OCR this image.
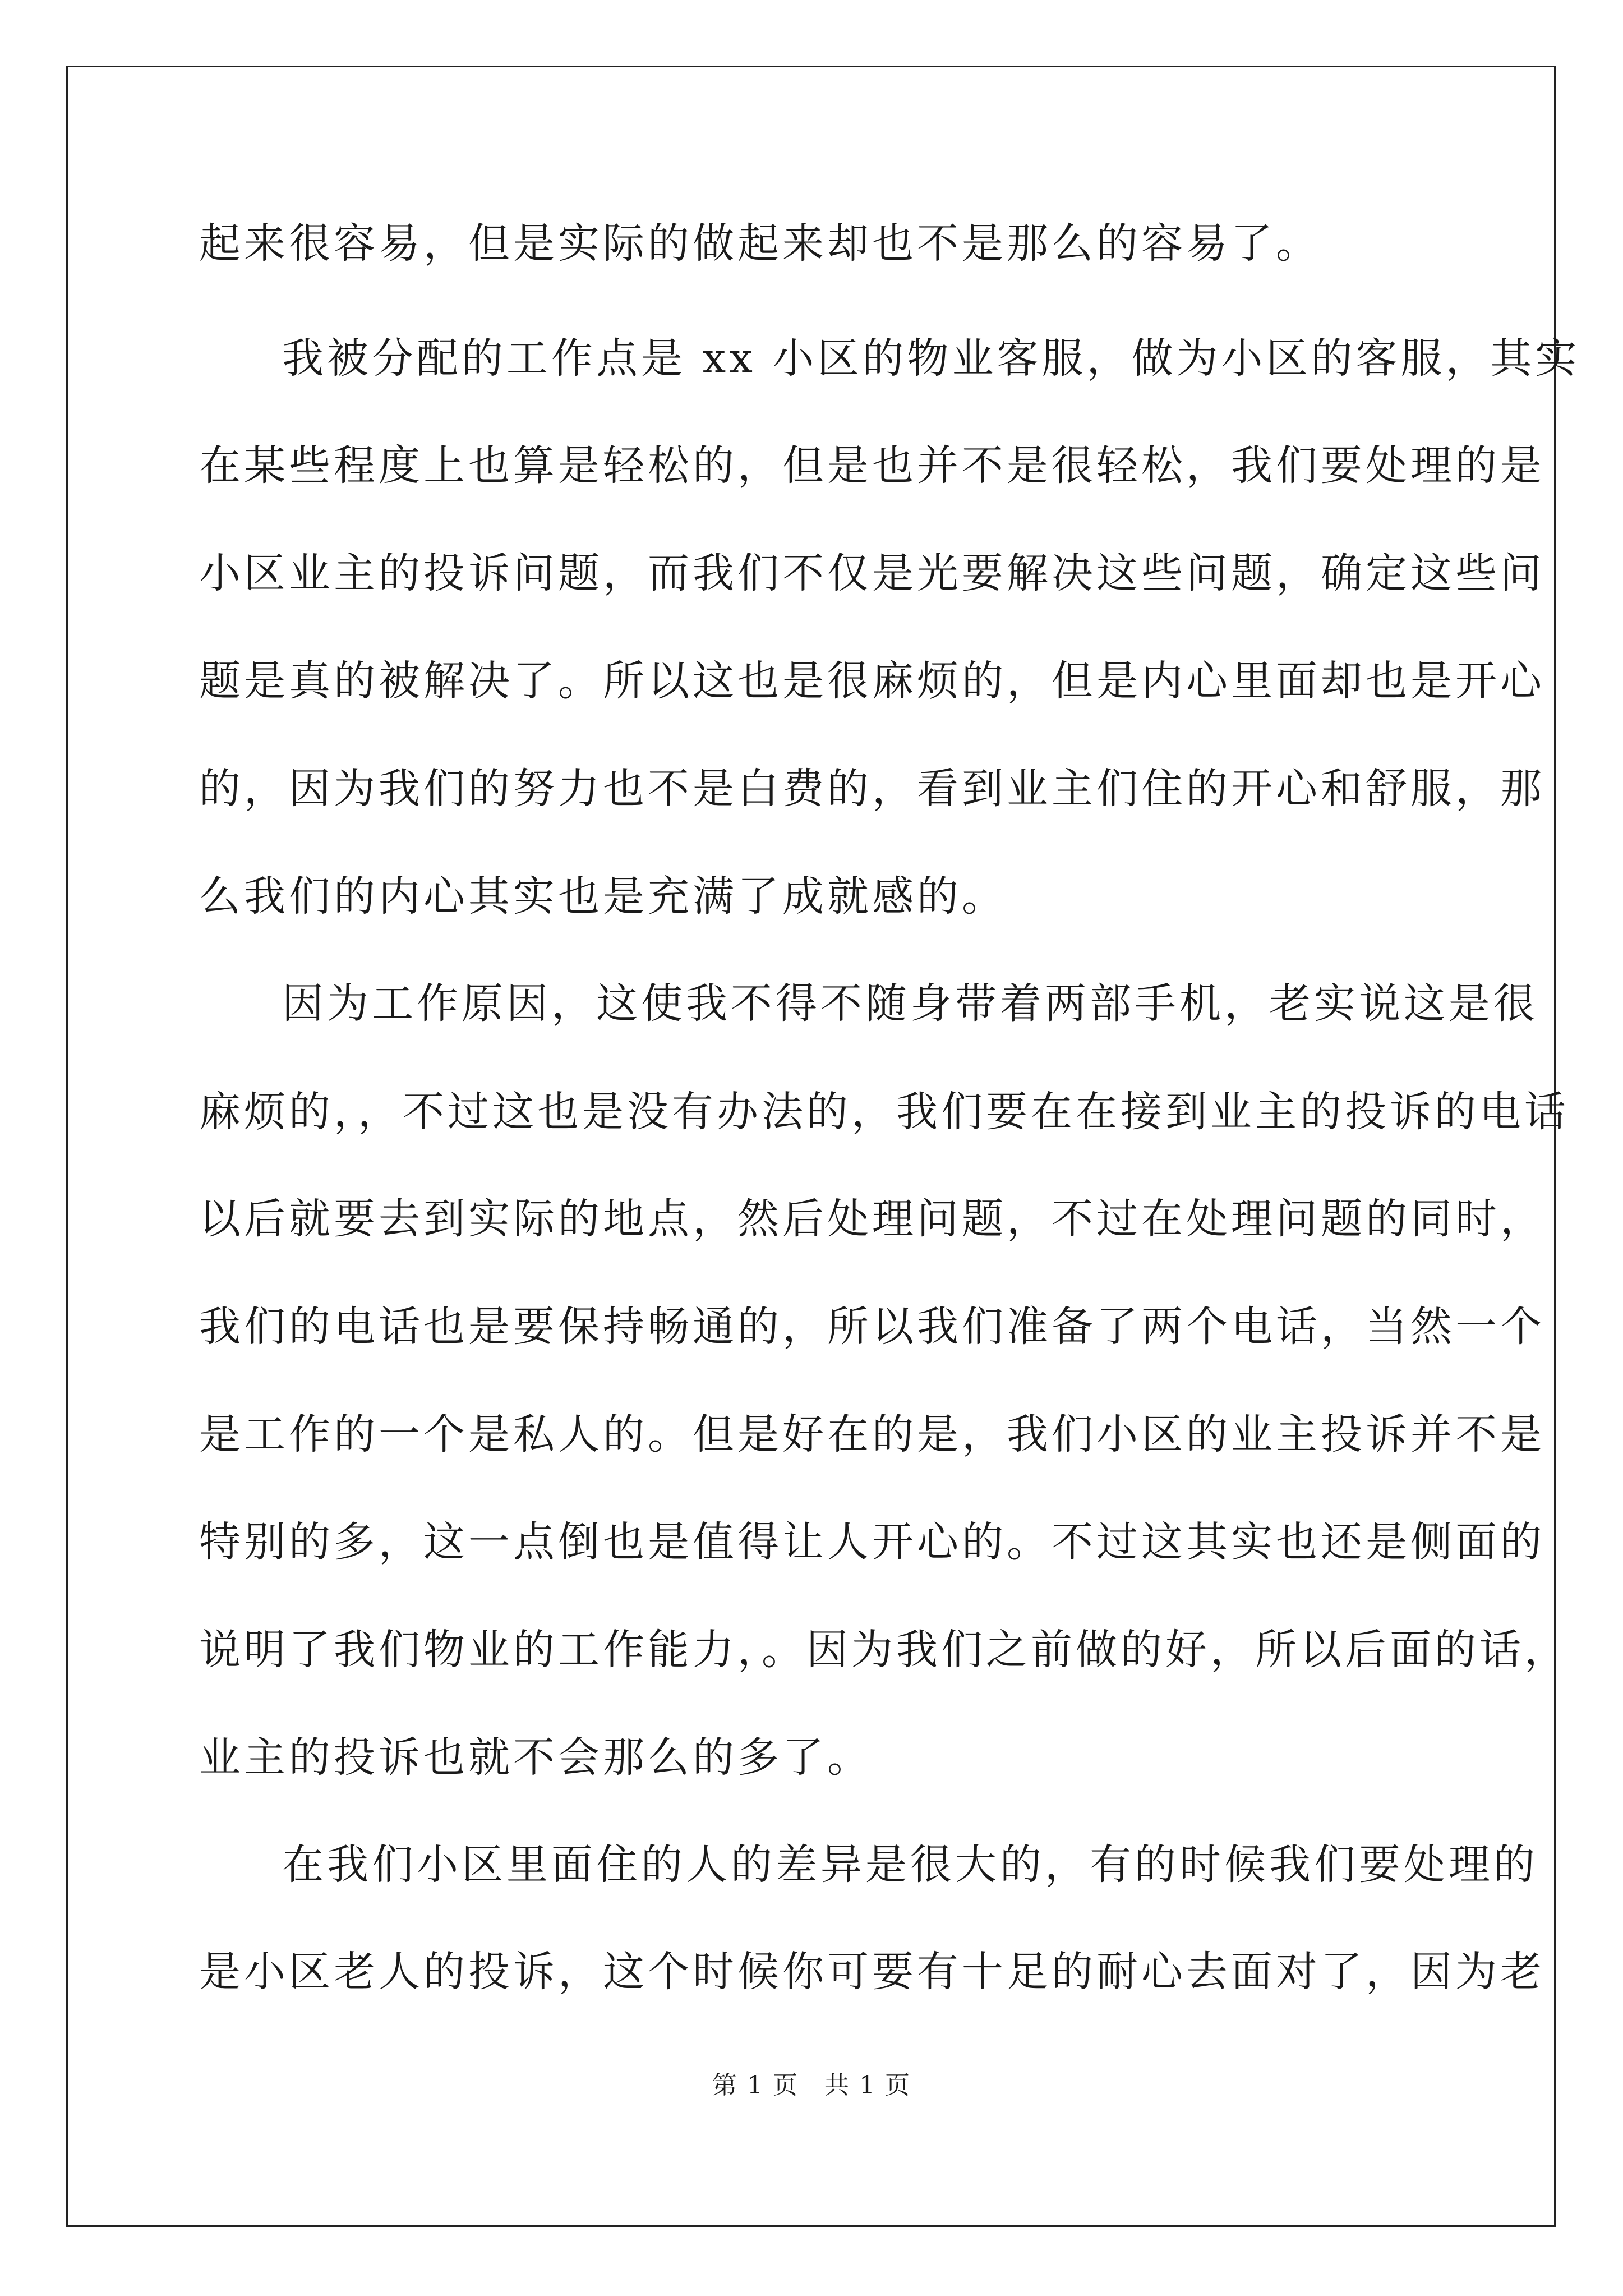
起来很容易，但是实际的做起来却也不是那么的容易了。
我被分配的工作点是 xx 小区的物业客服，做为小区的客服，其实
在某些程度上也算是轻松的，但是也并不是很轻松，我们要处理的是
小区业主的投诉问题，而我们不仅是光要解决这些问题，确定这些问
题是真的被解决了。所以这也是很麻烦的，但是内心里面却也是开心
的，因为我们的努力也不是白费的，看到业主们住的开心和舒服，那
么我们的内心其实也是充满了成就感的。
因为工作原因，这使我不得不随身带着两部手机，老实说这是很
麻烦的，，不过这也是没有办法的，我们要在在接到业主的投诉的电话
以后就要去到实际的地点，然后处理问题，不过在处理问题的同时，
我们的电话也是要保持畅通的，所以我们准备了两个电话，当然一个
是工作的一个是私人的。但是好在的是，我们小区的业主投诉并不是
特别的多，这一点倒也是值得让人开心的。不过这其实也还是侧面的
说明了我们物业的工作能力，。因为我们之前做的好，所以后面的话，
业主的投诉也就不会那么的多了。
在我们小区里面住的人的差异是很大的，有的时候我们要处理的
是小区老人的投诉，这个时候你可要有十足的耐心去面对了，因为老
第 1 页　共 1 页
